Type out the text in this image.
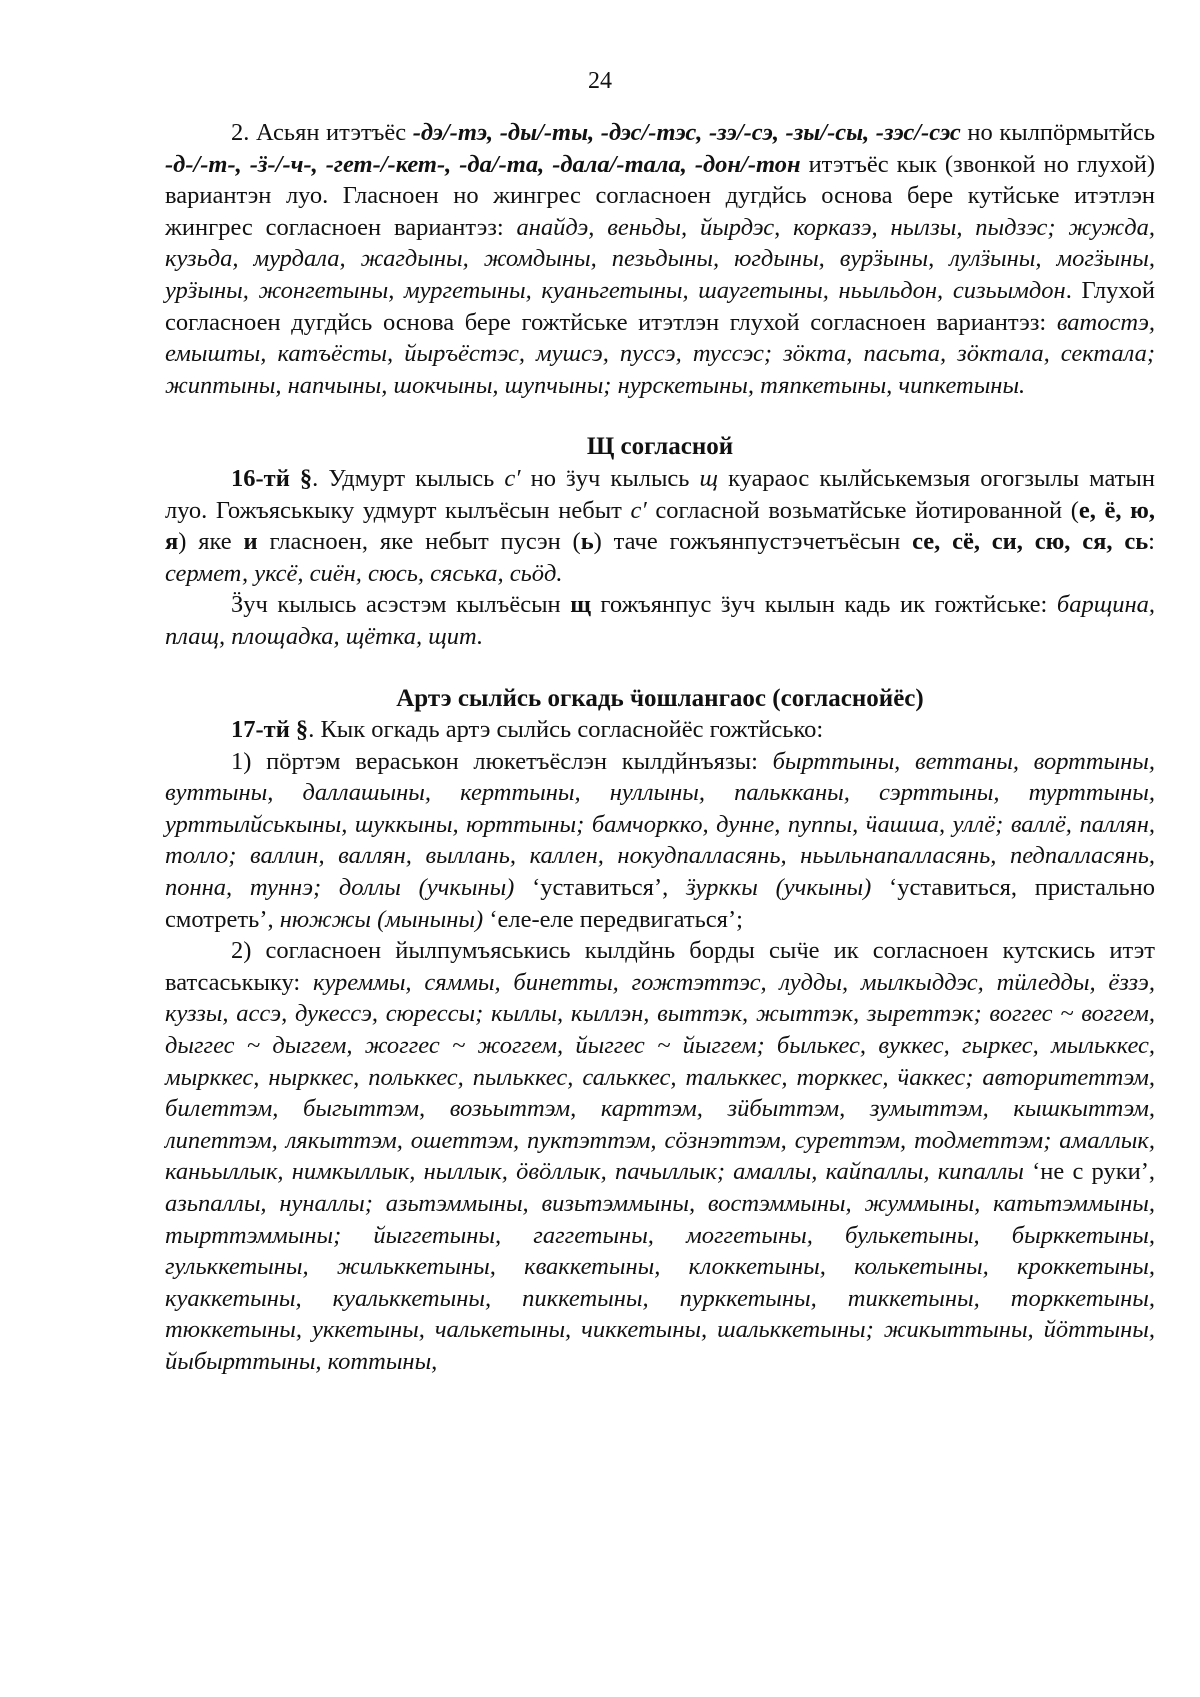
24

2. Асьян итэтъёс -дэ/-тэ, -ды/-ты, -дэс/-тэс, -зэ/-сэ, -зы/-сы, -зэс/-сэс но кылпöрмытйсь -д-/-т-, -ӟ-/-ч-, -гет-/-кет-, -да/-та, -дала/-тала, -дон/-тон итэтъёс кык (звонкой но глухой) вариантэн луо. Гласноен но жингрес согласноен дугдйсь основа бере кутйське итэтлэн жингрес согласноен вариантэз: анайдэ, веньды, йырдэс, корказэ, нылзы, пыдзэс; жужда, кузьда, мурдала, жагдыны, жомдыны, пезьдыны, югдыны, вурӟыны, лулӟыны, могӟыны, урӟыны, жонгетыны, мургетыны, куаньгетыны, шаугетыны, ньыльдон, сизьымдон. Глухой согласноен дугдйсь основа бере гожтйське итэтлэн глухой согласноен вариантэз: ватостэ, емышты, катъёсты, йыръёстэс, мушсэ, пуссэ, туссэс; зöкта, пасьта, зöктала, сектала; жиптыны, напчыны, шокчыны, шупчыны; нурскетыны, тяпкетыны, чипкетыны.

Щ согласной

16-тй §. Удмурт кылысь с′ но ӟуч кылысь щ куараос кылйськемзыя огогзылы матын луо. Гожъяськыку удмурт кылъёсын небыт с′ согласной возьматйське йотированной (е, ё, ю, я) яке и гласноен, яке небыт пусэн (ь) таче гожъянпустэчетъёсын се, сё, си, сю, ся, сь: сермет, уксё, сиён, сюсь, сяська, сьöд.

Ӟуч кылысь асэстэм кылъёсын щ гожъянпус ӟуч кылын кадь ик гожтйське: барщина, плащ, площадка, щётка, щит.

Артэ сылйсь огкадь ӵошлангаос (согласнойёс)

17-тй §. Кык огкадь артэ сылйсь согласнойёс гожтйсько:

1) пöртэм вераськон люкетъёслэн кылдйнъязы: бырттыны, веттаны, ворттыны, вуттыны, даллашыны, керттыны, нуллыны, палькканы, сэрттыны, турттыны, урттылйськыны, шуккыны, юрттыны; бамчоркко, дунне, пуппы, ӵашша, уллё; валлё, паллян, толло; валлин, валлян, выллань, каллен, нокудпалласянь, ньыльнапалласянь, педпалласянь, понна, туннэ; доллы (учкыны) ‘уставиться’, ӟурккы (учкыны) ‘уставиться, пристально смотреть’, нюжжы (мыныны) ‘еле-еле передвигаться’;

2) согласноен йылпумъяськись кылдйнь борды сыӵе ик согласноен кутскись итэт ватсаськыку: куреммы, сяммы, бинетты, гожтэттэс, лудды, мылкыддэс, тӥледды, ёззэ, куззы, ассэ, дукессэ, сюрессы; кыллы, кыллэн, выттэк, жыттэк, зыреттэк; воггес ~ воггем, дыггес ~ дыггем, жоггес ~ жоггем, йыггес ~ йыггем; былькес, вуккес, гыркес, мыльккес, мырккес, нырккес, польккес, пыльккес, сальккес, тальккес, торккес, ӵаккес; авторитеттэм, билеттэм, быгыттэм, возьыттэм, карттэм, зӥбыттэм, зумыттэм, кышкыттэм, липеттэм, лякыттэм, ошеттэм, пуктэттэм, сöзнэттэм, сурeттэм, тодметтэм; амаллык, каньыллык, нимкыллык, ныллык, öвöллык, пачыллык; амаллы, кайпаллы, кипаллы ‘не с руки’, азьпаллы, нуналлы; азьтэммыны, визьтэммыны, востэммыны, жуммыны, катьтэммыны, тырттэммыны; йыггетыны, гаггетыны, моггетыны, булькетыны, бырккетыны, гульккетыны, жильккетыны, кваккетыны, клоккетыны, колькетыны, кроккетыны, куаккетыны, куальккетыны, пиккетыны, пурккетыны, тиккетыны, торккетыны, тюккетыны, уккетыны, чалькетыны, чиккетыны, шальккетыны; жикыттыны, йöттыны, йыбырттыны, коттыны,
